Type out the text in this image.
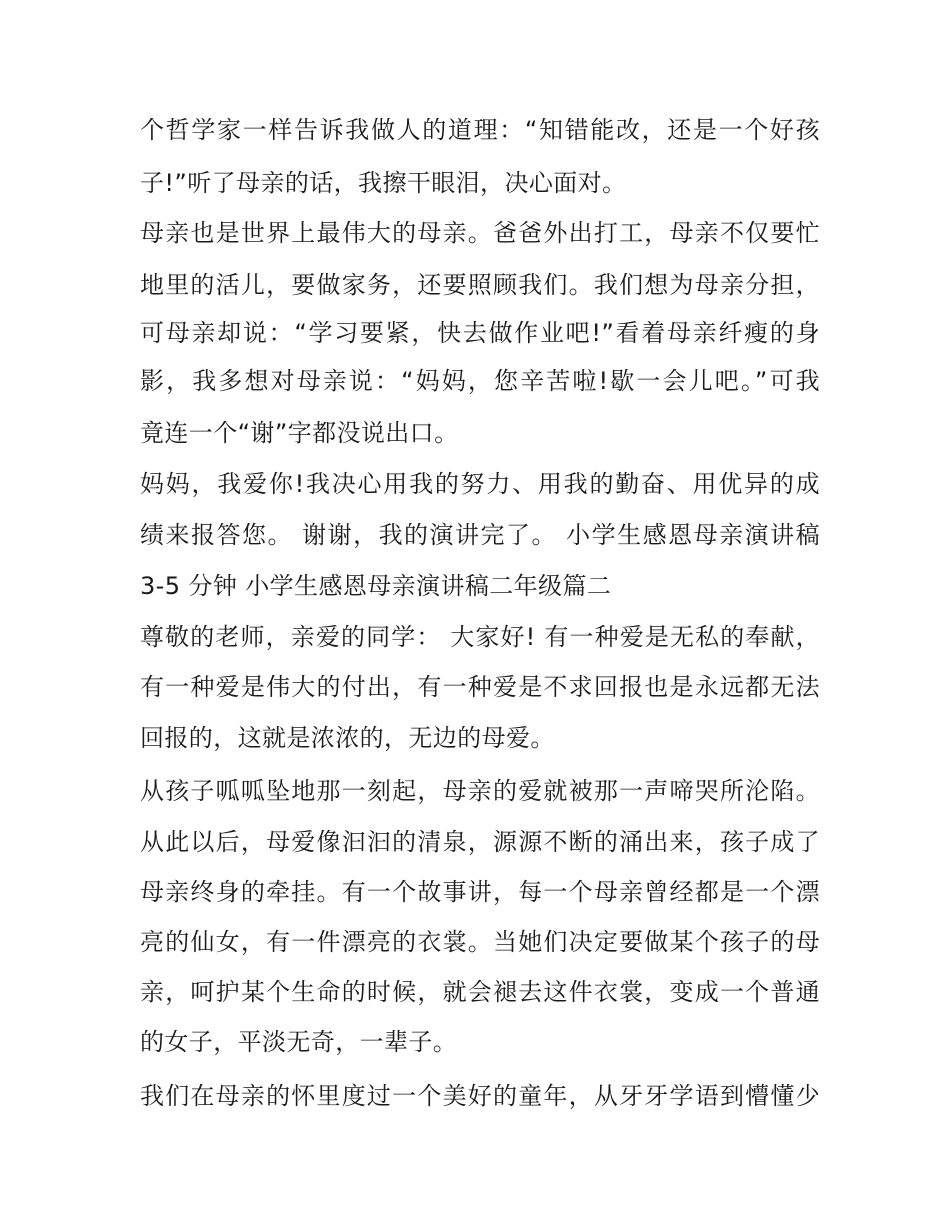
个哲学家一样告诉我做人的道理：“知错能改，还是一个好孩
子!”听了母亲的话，我擦干眼泪，决心面对。
母亲也是世界上最伟大的母亲。爸爸外出打工，母亲不仅要忙
地里的活儿，要做家务，还要照顾我们。我们想为母亲分担，
可母亲却说：“学习要紧，快去做作业吧!”看着母亲纤瘦的身
影，我多想对母亲说：“妈妈，您辛苦啦!歇一会儿吧。”可我
竟连一个“谢”字都没说出口。
妈妈，我爱你!我决心用我的努力、用我的勤奋、用优异的成
绩来报答您。 谢谢，我的演讲完了。 小学生感恩母亲演讲稿
3-5 分钟 小学生感恩母亲演讲稿二年级篇二
尊敬的老师，亲爱的同学： 大家好! 有一种爱是无私的奉献，
有一种爱是伟大的付出，有一种爱是不求回报也是永远都无法
回报的，这就是浓浓的，无边的母爱。
从孩子呱呱坠地那一刻起，母亲的爱就被那一声啼哭所沦陷。
从此以后，母爱像汩汩的清泉，源源不断的涌出来，孩子成了
母亲终身的牵挂。有一个故事讲，每一个母亲曾经都是一个漂
亮的仙女，有一件漂亮的衣裳。当她们决定要做某个孩子的母
亲，呵护某个生命的时候，就会褪去这件衣裳，变成一个普通
的女子，平淡无奇，一辈子。
我们在母亲的怀里度过一个美好的童年，从牙牙学语到懵懂少
